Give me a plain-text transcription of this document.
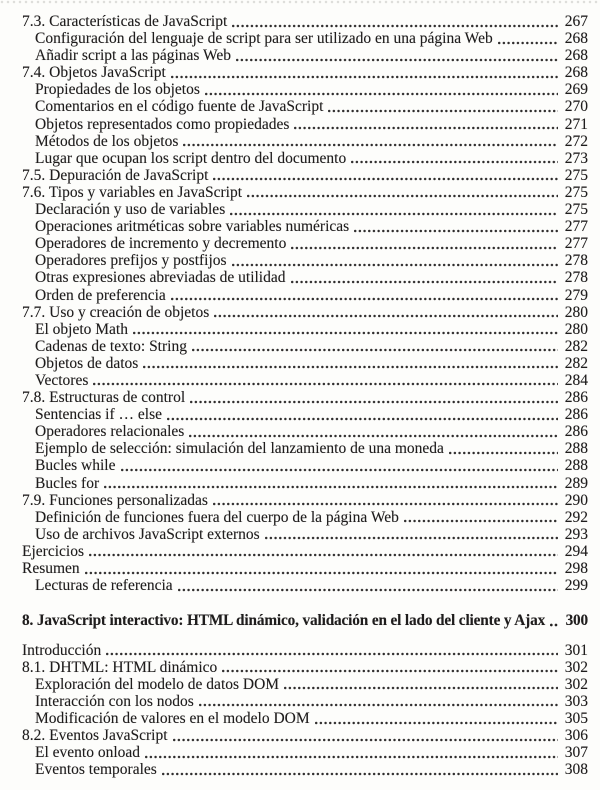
7.3. Características de JavaScript	267
Configuración del lenguaje de script para ser utilizado en una página Web	268
Añadir script a las páginas Web	268
7.4. Objetos JavaScript	268
Propiedades de los objetos	269
Comentarios en el código fuente de JavaScript	270
Objetos representados como propiedades	271
Métodos de los objetos	272
Lugar que ocupan los script dentro del documento	273
7.5. Depuración de JavaScript	275
7.6. Tipos y variables en JavaScript	275
Declaración y uso de variables	275
Operaciones aritméticas sobre variables numéricas	277
Operadores de incremento y decremento	277
Operadores prefijos y postfijos	278
Otras expresiones abreviadas de utilidad	278
Orden de preferencia	279
7.7. Uso y creación de objetos	280
El objeto Math	280
Cadenas de texto: String	282
Objetos de datos	282
Vectores	284
7.8. Estructuras de control	286
Sentencias if … else	286
Operadores relacionales	286
Ejemplo de selección: simulación del lanzamiento de una moneda	288
Bucles while	288
Bucles for	289
7.9. Funciones personalizadas	290
Definición de funciones fuera del cuerpo de la página Web	292
Uso de archivos JavaScript externos	293
Ejercicios	294
Resumen	298
Lecturas de referencia	299
8. JavaScript interactivo: HTML dinámico, validación en el lado del cliente y Ajax 300
Introducción	301
8.1. DHTML: HTML dinámico	302
Exploración del modelo de datos DOM	302
Interacción con los nodos	303
Modificación de valores en el modelo DOM	305
8.2. Eventos JavaScript	306
El evento onload	307
Eventos temporales	308
